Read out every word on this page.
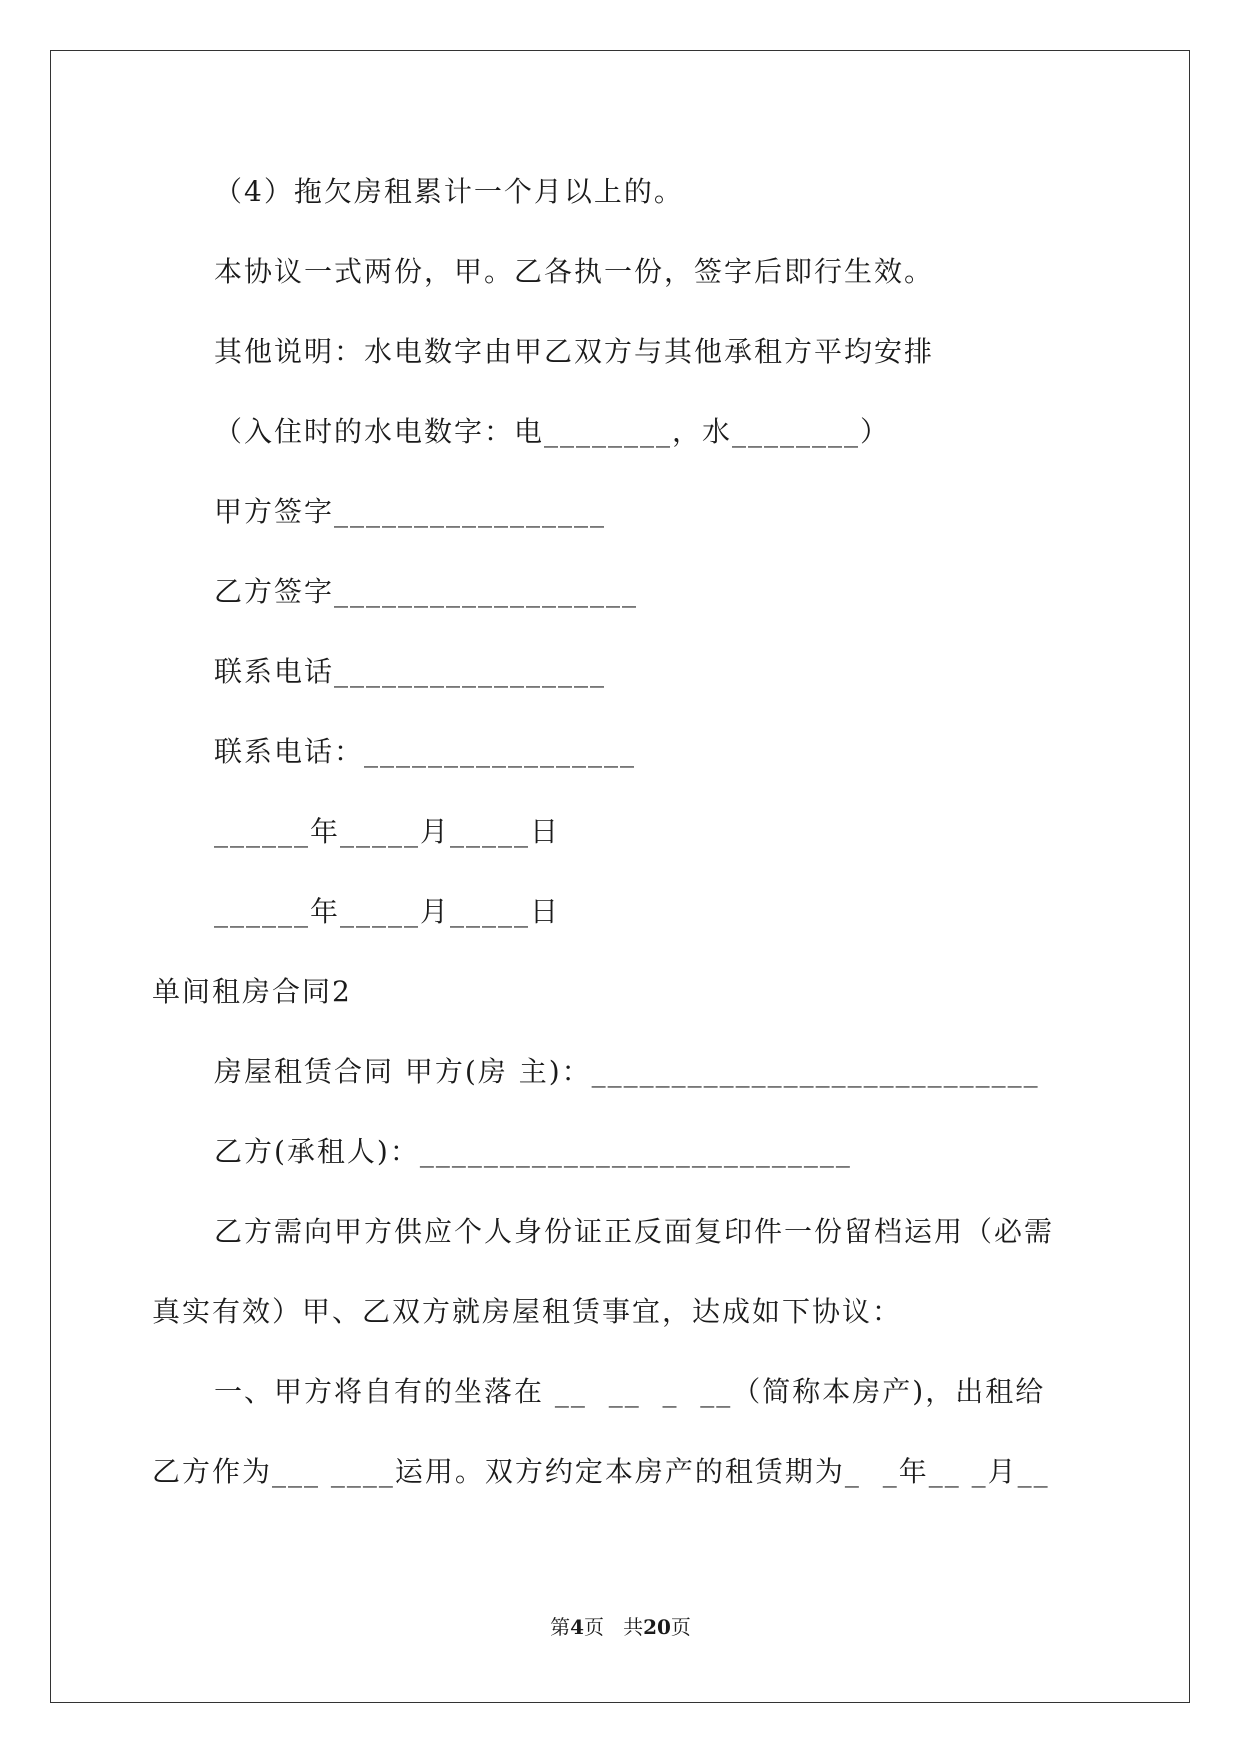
（4）拖欠房租累计一个月以上的。
本协议一式两份，甲。乙各执一份，签字后即行生效。
其他说明：水电数字由甲乙双方与其他承租方平均安排
（入住时的水电数字：电________，水________）
甲方签字_________________
乙方签字___________________
联系电话_________________
联系电话：_________________
______年_____月_____日
______年_____月_____日
单间租房合同2
房屋租赁合同 甲方(房 主)：____________________________
乙方(承租人)：___________________________
乙方需向甲方供应个人身份证正反面复印件一份留档运用（必需
真实有效）甲、乙双方就房屋租赁事宜，达成如下协议：
一、甲方将自有的坐落在 __  __  _  __（简称本房产)，出租给
乙方作为___ ____运用。双方约定本房产的租赁期为_  _年__ _月__
第4页   共20页
